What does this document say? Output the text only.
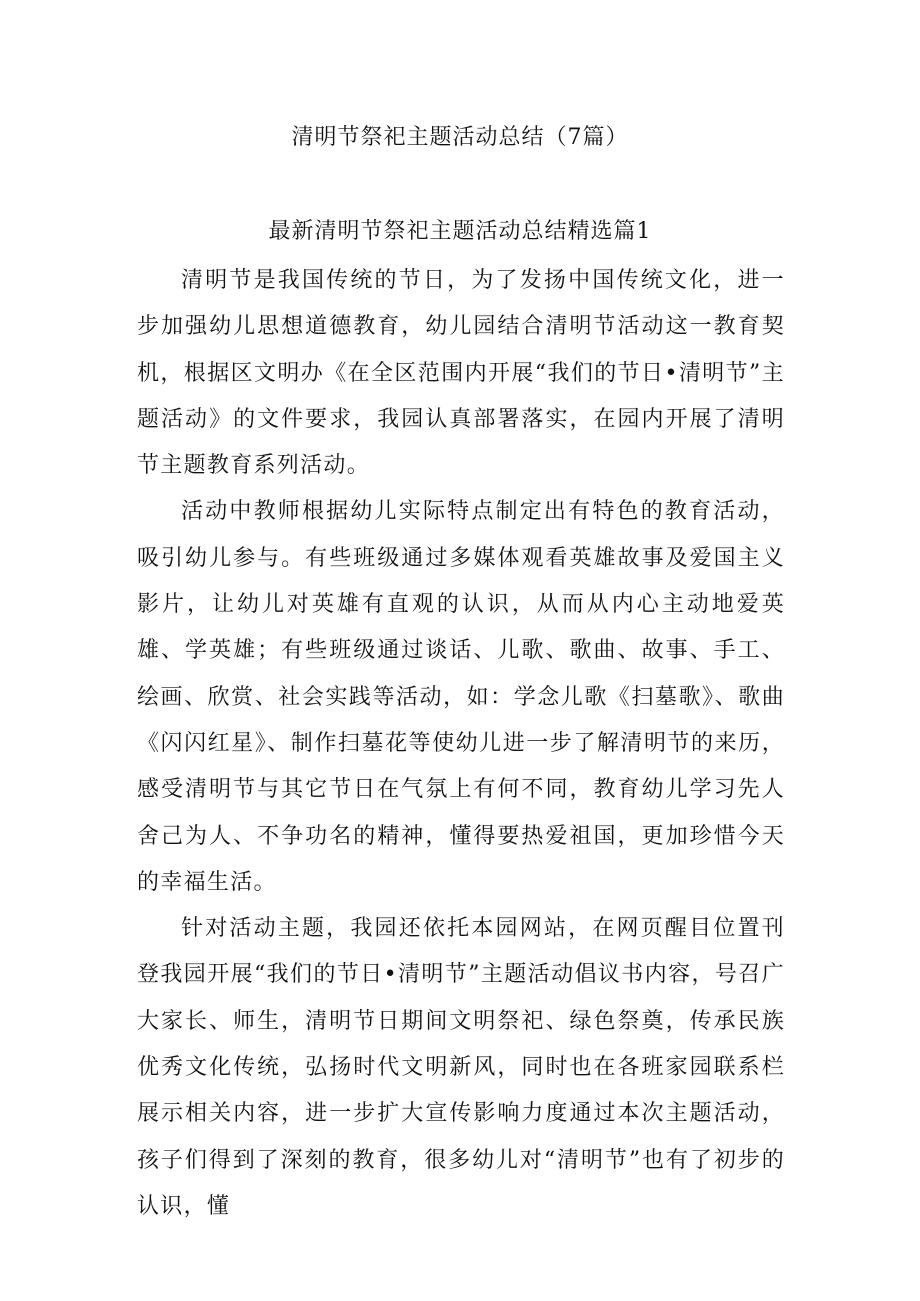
清明节祭祀主题活动总结（7篇）
最新清明节祭祀主题活动总结精选篇1

清明节是我国传统的节日，为了发扬中国传统文化，进一步加强幼儿思想道德教育，幼儿园结合清明节活动这一教育契机，根据区文明办《在全区范围内开展“我们的节日•清明节”主题活动》的文件要求，我园认真部署落实，在园内开展了清明节主题教育系列活动。

活动中教师根据幼儿实际特点制定出有特色的教育活动，吸引幼儿参与。有些班级通过多媒体观看英雄故事及爱国主义影片，让幼儿对英雄有直观的认识，从而从内心主动地爱英雄、学英雄；有些班级通过谈话、儿歌、歌曲、故事、手工、绘画、欣赏、社会实践等活动，如：学念儿歌《扫墓歌》、歌曲《闪闪红星》、制作扫墓花等使幼儿进一步了解清明节的来历，感受清明节与其它节日在气氛上有何不同，教育幼儿学习先人舍己为人、不争功名的精神，懂得要热爱祖国，更加珍惜今天的幸福生活。

针对活动主题，我园还依托本园网站，在网页醒目位置刊登我园开展“我们的节日•清明节”主题活动倡议书内容，号召广大家长、师生，清明节日期间文明祭祀、绿色祭奠，传承民族优秀文化传统，弘扬时代文明新风，同时也在各班家园联系栏展示相关内容，进一步扩大宣传影响力度通过本次主题活动，孩子们得到了深刻的教育，很多幼儿对“清明节”也有了初步的认识，懂
